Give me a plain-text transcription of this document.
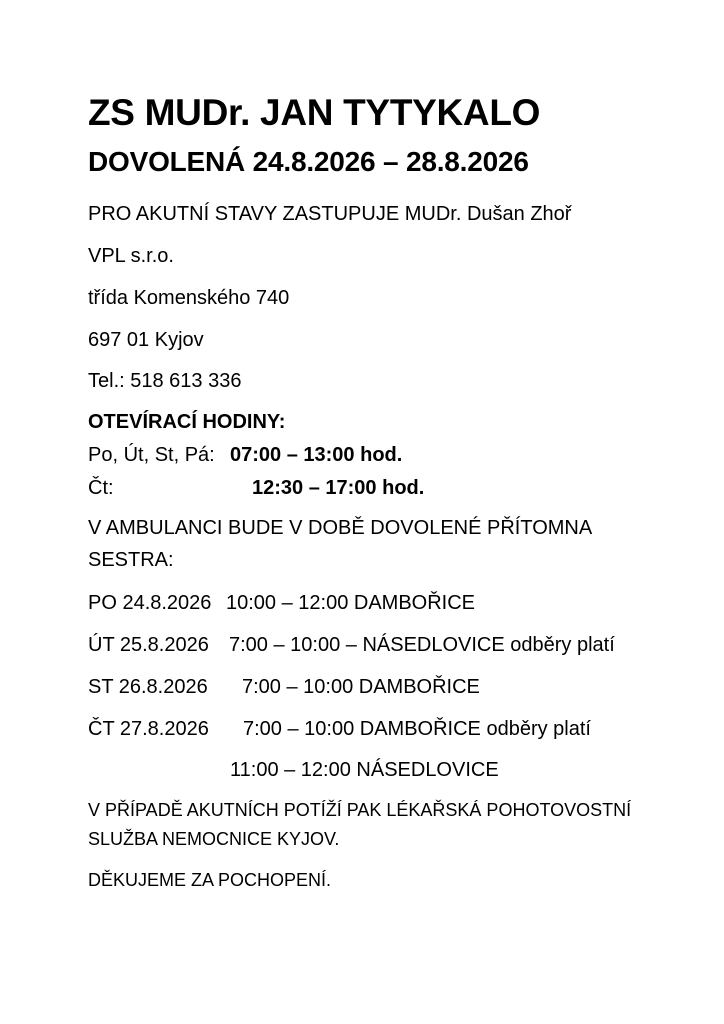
ZS MUDr. JAN TYTYKALO
DOVOLENÁ 24.8.2026 – 28.8.2026
PRO AKUTNÍ STAVY ZASTUPUJE MUDr. Dušan Zhoř
VPL s.r.o.
třída Komenského 740
697 01 Kyjov
Tel.: 518 613 336
OTEVÍRACÍ HODINY:
Po, Út, St, Pá: 07:00 – 13:00 hod.
Čt:	12:30 – 17:00 hod.
V AMBULANCI BUDE V DOBĚ DOVOLENÉ PŘÍTOMNA
SESTRA:
PO 24.8.2026 10:00 – 12:00 DAMBOŘICE
ÚT 25.8.2026 7:00 – 10:00 – NÁSEDLOVICE odběry platí
ST 26.8.2026 7:00 – 10:00 DAMBOŘICE
ČT 27.8.2026 7:00 – 10:00 DAMBOŘICE odběry platí
11:00 – 12:00 NÁSEDLOVICE
V PŘÍPADĚ AKUTNÍCH POTÍŽÍ PAK LÉKAŘSKÁ POHOTOVOSTNÍ
SLUŽBA NEMOCNICE KYJOV.
DĚKUJEME ZA POCHOPENÍ.
